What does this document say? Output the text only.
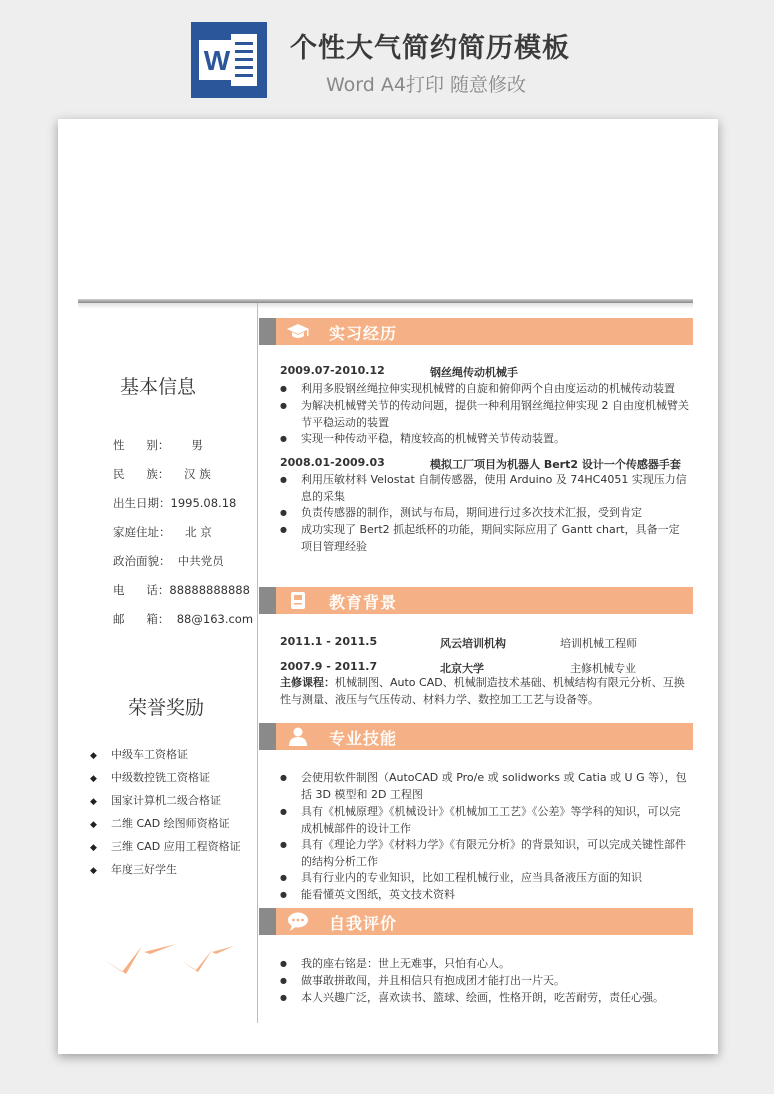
W 个性大气简约简历模板
Word A4打印 随意修改
基本信息
性      别：      男
民      族：    汉 族
出生日期：1995.08.18
家庭住址：    北 京
政治面貌：  中共党员
电      话：88888888888
邮      箱：  88@163.com
荣誉奖励
◆ 中级车工资格证
◆ 中级数控铣工资格证
◆ 国家计算机二级合格证
◆ 二维 CAD 绘图师资格证
◆ 三维 CAD 应用工程资格证
◆ 年度三好学生
实习经历
2009.07-2010.12	钢丝绳传动机械手
● 利用多股钢丝绳拉伸实现机械臂的自旋和俯仰两个自由度运动的机械传动装置
● 为解决机械臂关节的传动问题，提供一种利用钢丝绳拉伸实现 2 自由度机械臂关节平稳运动的装置
● 实现一种传动平稳，精度较高的机械臂关节传动装置。
2008.01-2009.03	模拟工厂项目为机器人 Bert2 设计一个传感器手套
● 利用压敏材料 Velostat 自制传感器，使用 Arduino 及 74HC4051 实现压力信息的采集
● 负责传感器的制作，测试与布局，期间进行过多次技术汇报，受到肯定
● 成功实现了 Bert2 抓起纸杯的功能，期间实际应用了 Gantt chart，具备一定项目管理经验
教育背景
2011.1 - 2011.5	风云培训机构	培训机械工程师
2007.9 - 2011.7	北京大学	主修机械专业
主修课程：机械制图、Auto CAD、机械制造技术基础、机械结构有限元分析、互换性与测量、液压与气压传动、材料力学、数控加工工艺与设备等。
专业技能
● 会使用软件制图（AutoCAD 或 Pro/e 或 solidworks 或 Catia 或 U G 等），包括 3D 模型和 2D 工程图
● 具有《机械原理》《机械设计》《机械加工工艺》《公差》等学科的知识，可以完成机械部件的设计工作
● 具有《理论力学》《材料力学》《有限元分析》的背景知识，可以完成关键性部件的结构分析工作
● 具有行业内的专业知识，比如工程机械行业，应当具备液压方面的知识
● 能看懂英文图纸，英文技术资料
自我评价
● 我的座右铭是：世上无难事，只怕有心人。
● 做事敢拼敢闯，并且相信只有抱成团才能打出一片天。
● 本人兴趣广泛，喜欢读书、篮球、绘画，性格开朗，吃苦耐劳，责任心强。
